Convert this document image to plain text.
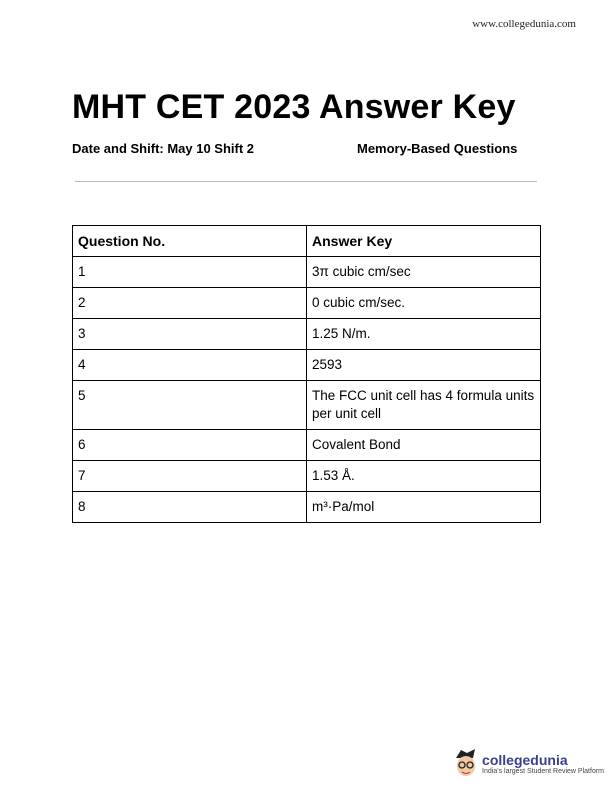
www.collegedunia.com
MHT CET 2023 Answer Key
Date and Shift: May 10 Shift 2	Memory-Based Questions
Question No.	Answer Key
1	3π cubic cm/sec
2	0 cubic cm/sec.
3	1.25 N/m.
4	2593
5	The FCC unit cell has 4 formula units per unit cell
6	Covalent Bond
7	1.53 Å.
8	m³·Pa/mol
collegedunia
India's largest Student Review Platform
